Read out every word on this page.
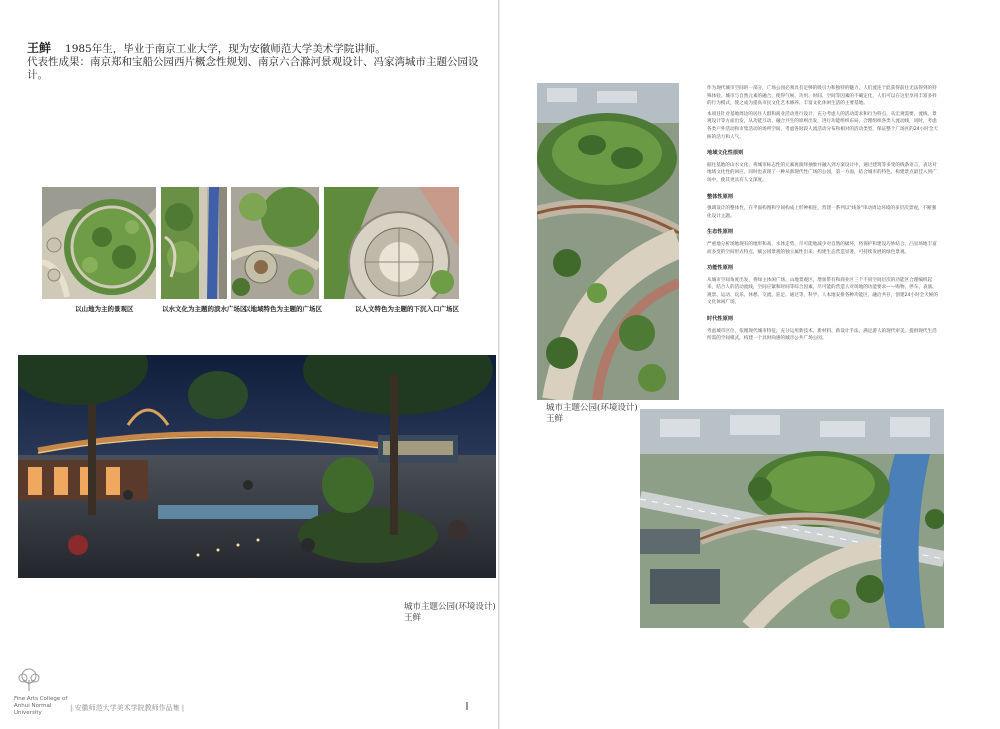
王鲜 1985年生，毕业于南京工业大学，现为安徽师范大学美术学院讲师。
代表性成果：南京郑和宝船公园西片概念性规划、南京六合滁河景观设计、冯家湾城市主题公园设计。
以山地为主的景观区	以水文化为主题的滨水广场区
以地域特色为主题的广场区	以人文特色为主题的下沉入口广场区
城市主题公园(环境设计)
王鲜
Fine Arts College of
Anhui Normal University
| 安徽师范大学美术学院教师作品集 |
城市主题公园(环境设计)
王鲜

作为现代城市空间的一部分，广场公园必须具有足够的吸引力和独特的魅力，人们流连于此获得前往无法得到的特殊体验。城市与自然元素的融合，使得气候、功用、时间、空间等因素的不确定化，人们可以在这里享用丰富多样的行为模式，使之成为提高市民文化艺术修养、丰富文化休闲生活的主要基地。

本项目针对基地周边的居住人群和商业活动进行设计，充分考虑人的活动需求和行为特点，从宏观需要、流线、景观设计等方面出发，从功能互动、融合共生的原则出发，进行功能组织布局，合理组织各类人流动线，同时，考虑各类户外活动和市集活动的场所空间，考虑各时段人流活动分布和相对的活动类型，保证整个广场区的24小时全天候的活力和人气。

地域文化性原则

据往基地的山水文化，将城市标志性的元素再演绎抽象并融入到方案设计中，通过建筑等多变的线条语言，表达对地域文化性的回应，同时也表现了一种从新现代性广场的公园，第一方面，结合城市的特色，构建景点最佳入到广场中，使其更具有人文深度。

整体性原则

强调设计的整体性，在平面构图和空间构成上形神相连，营建一系列以"线条"串动周边环境的多层次景观，不断强化设计主题。

生态性原则

严重地分析场地现有的地形和高、水体走势、尽可能地减少对自然的破坏，将保护和建设巧妙结合，凸显场地丰富而多变的空间形式特点，赋公园景观的独立属性出来；构建生态营造显著，可持续发展的绿色景观。

功能性原则

从城市空间角度出发，将绿主体闲广场、山地景观区、增加带有和商业区三个不同空间层次的功能区合理编织起来，结合人的活动流线，空间应紧和时间等综合因素，尽可能的营造人对场地的功能要求——购物、停车、表演、观景、运动、玩乐、休憩、交流、驻足、通过等，科学、人本地安排各种功能区，融洽共存，创建24小时全天候的文化休闲广场。

时代性原则

考虑城市区位，依循现代城市特征，充分运用新技术、新材料、新设计手法，满足游人的现代审美，提供现代生活所需的空间模式，构建一个具时尚感的城市公共广场公园。
